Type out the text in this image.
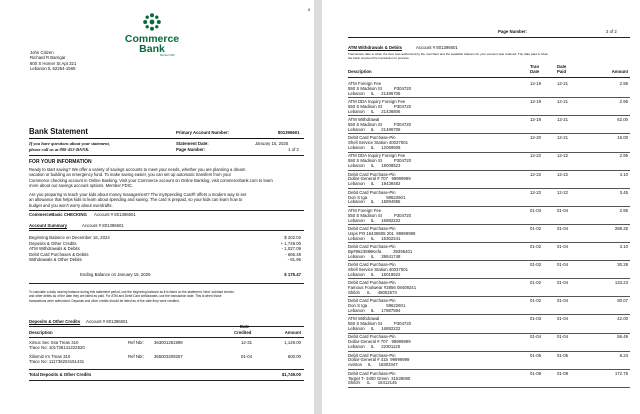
Commerce
Bank
Member FDIC
John Citizen
Richard R Barrigar
800 S Homer St Apt 321
Lebanon IL 62254-1568
Bank Statement	Primary Account Number:	801396601
If you have questions about your statement,
please call us at 800-453-BANK.
Statement Date:	January 15, 2025
Page Number:	1 of 2
FOR YOUR INFORMATION
Ready to start saving? We offer a variety of savings accounts to meet your needs, whether you are planning a dream
vacation or building an emergency fund. To make saving easier, you can set up automatic transfers from your
Commerce checking account in Online Banking. Visit your Commerce account on Online Banking, visit commercebank.com to learn
more about our savings account options. Member FDIC.
Are you preparing to teach your kids about money management? The mySpending Card® offers a modern way to set
an allowance that helps kids to learn about spending and saving. The card is prepaid, so your kids can learn how to
budget and you won't worry about overdrafts.
CommerceBasic CHECKING Account # 801396601
Account Summary	Account # 801396601
Beginning Balance on December 16, 2024	$ 202.02
Deposits & Other Credits	+ 1,749.00
ATM Withdrawals & Debits	- 1,027.09
Debit Card Purchases & Debits	- 666.48
Withdrawals & Other Debits	- 81.96
Ending Balance on January 15, 2025	$ 175.47
To calculate a daily running balance during this statement period, use the beginning balance as it is listed on the statement. Next, subtract checks
and other debits as of the date they are listed as paid. For ATM and Debit Card withdrawals, use the transaction date. This is when those
transactions were authorized. Deposits and other credits should be listed as of the date they were credited.
Deposits & Other Credits Account # 801396601
Description
Date
Credited	Amount
Xirsoc Sec Ssa Treas 310
Trace No: 101736141222520
Ref Nbr: 363001281999	12-31	1,149.00
Xitismi2 Irs Treas 310
Trace No: 111736204151431
Ref Nbr: 365003209257	01-04	600.00
Total Deposits & Other Credits	$1,749.00
8
Page Number:	2 of 2
ATM Withdrawals & Debits	Account # 801396601
Transaction date is when the item was authorized by the merchant and the available balance for your account was reduced. The date paid is when
the bank received the transaction to process.
Description
Tran
Date
Date
Paid	Amount
ATM Foreign Fee
550 S Madison St          P304720
Lebanon     IL      21486706
12-19	12-21	2.95
ATM DDA Inquiry Foreign Fee
550 S Madison St          P304720
Lebanon     IL      21436806
12-19	12-21	2.95
ATM Withdrawal
550 S Madison St          P304720
Lebanon     IL      21486706
12-19	12-21	62.00
Debit Card Purchase-Pin
Shell Service Station 40037001
Lebanon     IL      12069509
12-20	12-21	15.00
ATM DDA Inquiry Foreign Fee
550 S Madison St          P304720
Lebanon     IL      19008523
12-22	12-22	2.95
Debit Card Purchase-Pin
Dollar-General # 707   99999999
Lebanon     IL      19438482
12-22	12-22	4.10
Debit Card Purchase-Pin
Don S Iga                59622601
Lebanon     IL      15894955
12-22	12-22	3.45
ATM Foreign Fee
550 S Madison St          P304720
Lebanon     IL      16882222
01-03	01-04	2.95
Debit Card Purchase-Pin
Usps PO 16438605 201  99999999
Lebanon     IL      16302241
01-02	01-04	288.25
Debit Card Purchase-Pin
Bp#9623599Kefa          39395401
Lebanon     IL      39541748
01-02	01-04	3.10
Debit Card Purchase-Pin
Shell Service Station 40037001
Lebanon     IL      15019522
01-02	01-04	30.28
Debit Card Purchase-Pin
Famous Footwear #2856 08409241
Shiloh      IL      48002573
01-02	01-04	133.23
Debit Card Purchase-Pin
Don S Iga                59622601
Lebanon     IL      17887584
01-02	01-04	80.07
ATM Withdrawal
550 S Madison St          P304720
Lebanon     IL      16882222
01-03	01-04	42.00
Debit Card Purchase-Pin
Dollar-General # 707   99999999
Lebanon     IL      22301125
01-04	01-04	56.49
Debit Card Purchase-Pin
Dollar-General # 415  99999999
Aviston     IL      18303347
01-05	01-05	8.23
Debit Card Purchase-Pin
Target T- 3400 Green  31539080
Shiloh      IL      16412145
01-08	01-08	172.75
